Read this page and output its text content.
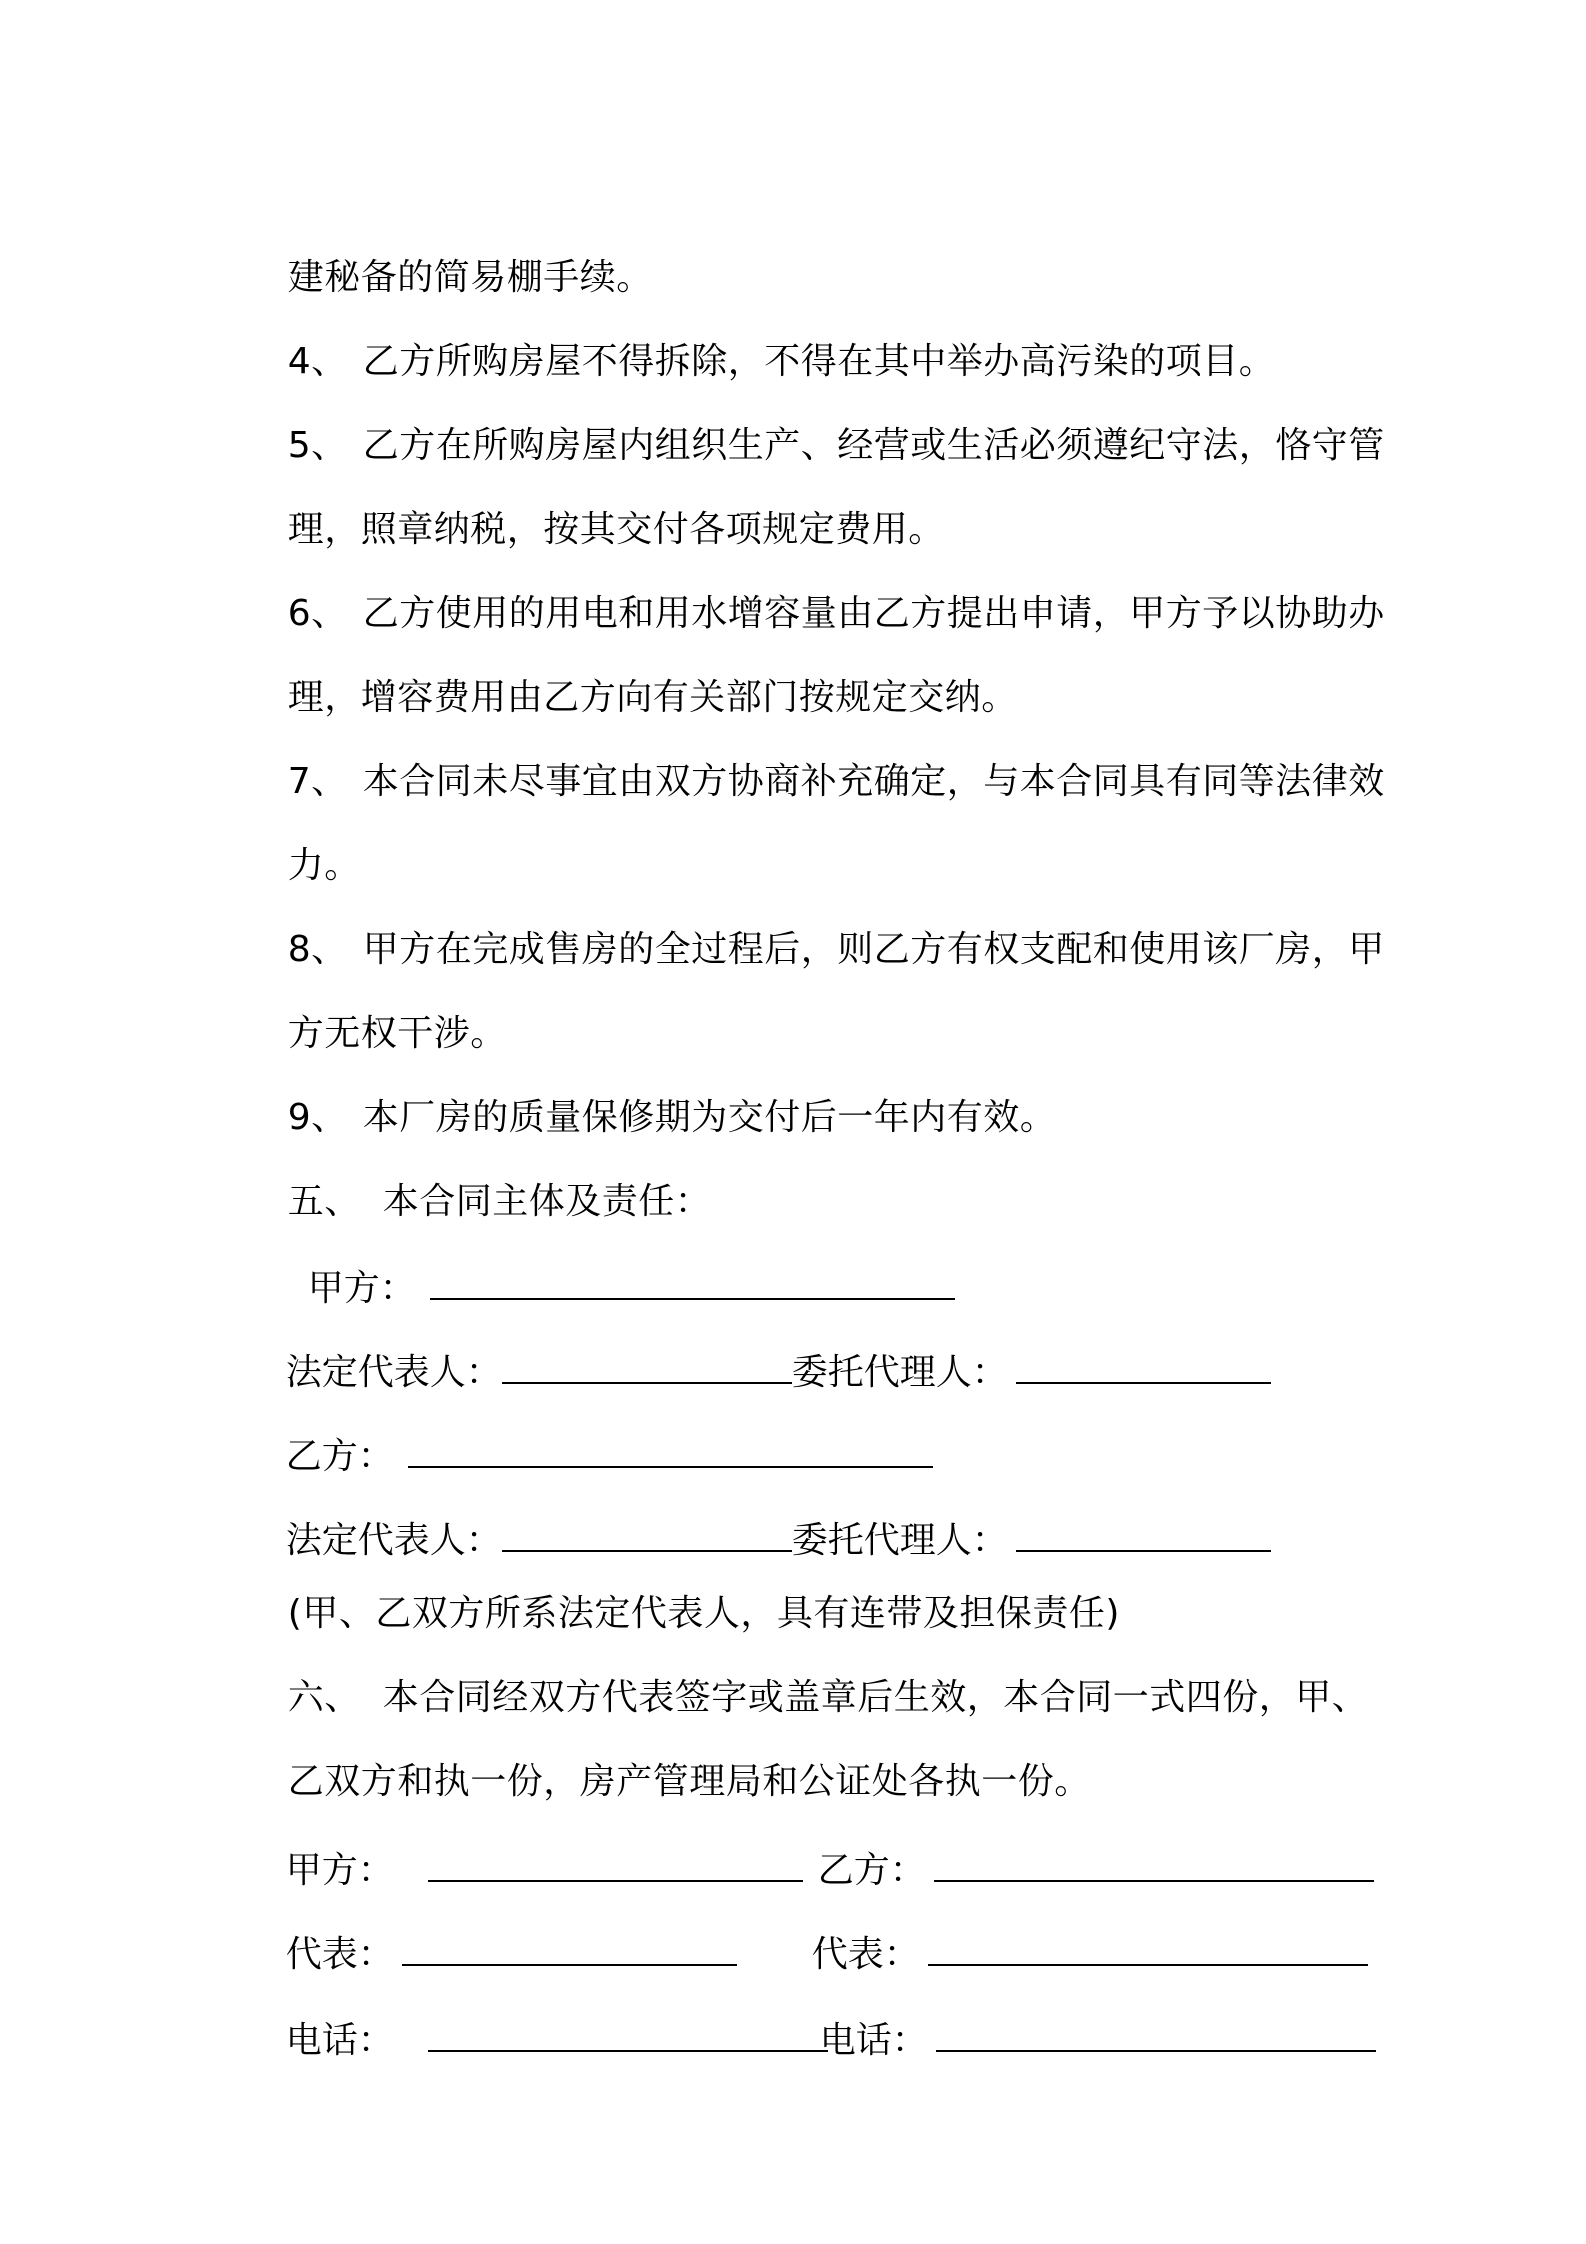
建秘备的简易棚手续。

4、 乙方所购房屋不得拆除，不得在其中举办高污染的项目。

5、 乙方在所购房屋内组织生产、经营或生活必须遵纪守法，恪守管

理，照章纳税，按其交付各项规定费用。

6、 乙方使用的用电和用水增容量由乙方提出申请，甲方予以协助办

理，增容费用由乙方向有关部门按规定交纳。

7、 本合同未尽事宜由双方协商补充确定，与本合同具有同等法律效

力。

8、 甲方在完成售房的全过程后，则乙方有权支配和使用该厂房，甲

方无权干涉。

9、 本厂房的质量保修期为交付后一年内有效。

五、 本合同主体及责任：

甲方：

法定代表人：	委托代理人：

乙方：

法定代表人：	委托代理人：

(甲、乙双方所系法定代表人，具有连带及担保责任)

六、 本合同经双方代表签字或盖章后生效，本合同一式四份，甲、

乙双方和执一份，房产管理局和公证处各执一份。

甲方：
	乙方：

代表：
	代表：

电话：
	电话：
